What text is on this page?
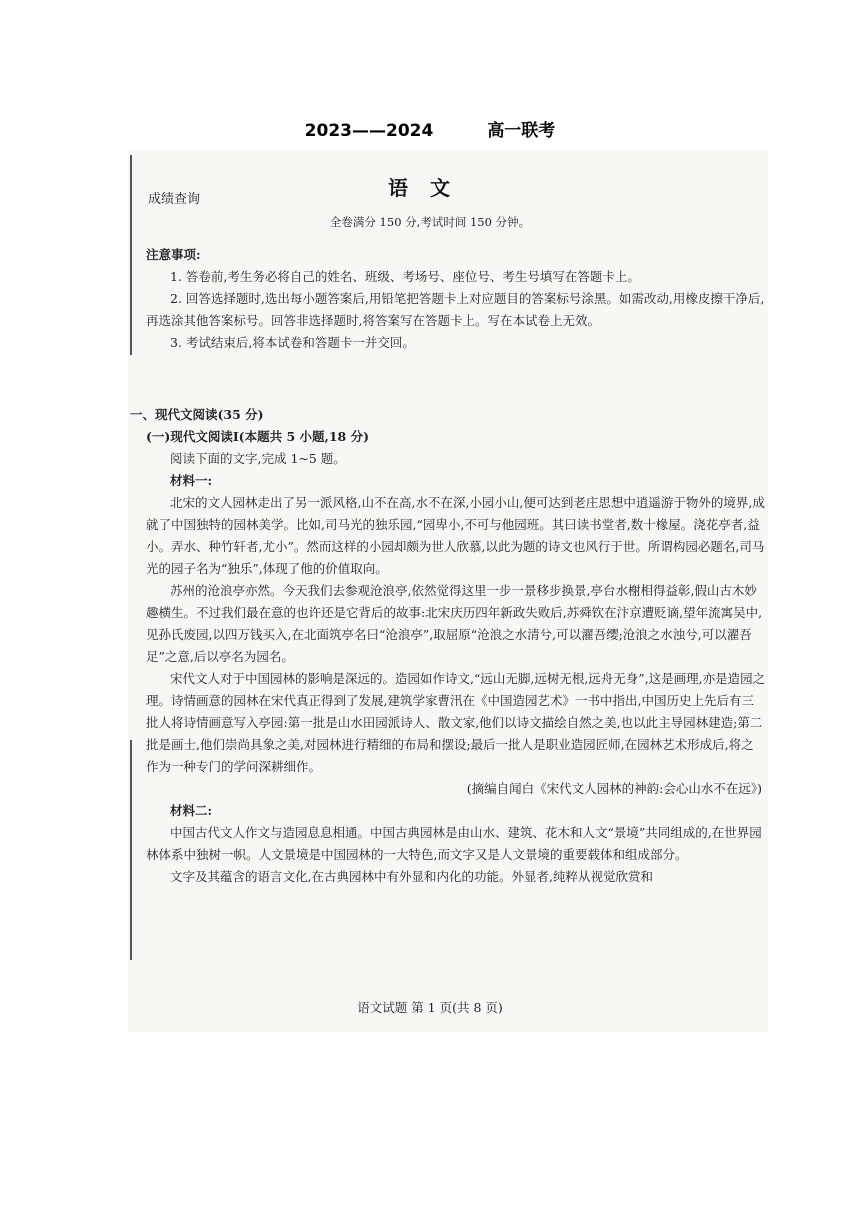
2023——2024	高一联考
语文
成绩查询
全卷满分 150 分,考试时间 150 分钟。

注意事项:

1. 答卷前,考生务必将自己的姓名、班级、考场号、座位号、考生号填写在答题卡上。

2. 回答选择题时,选出每小题答案后,用铅笔把答题卡上对应题目的答案标号涂黑。如需改动,用橡皮擦干净后,再选涂其他答案标号。回答非选择题时,将答案写在答题卡上。写在本试卷上无效。

3. 考试结束后,将本试卷和答题卡一并交回。

一、现代文阅读(35 分)

(一)现代文阅读Ⅰ(本题共 5 小题,18 分)

阅读下面的文字,完成 1~5 题。

材料一:

北宋的文人园林走出了另一派风格,山不在高,水不在深,小园小山,便可达到老庄思想中逍遥游于物外的境界,成就了中国独特的园林美学。比如,司马光的独乐园,“园卑小,不可与他园班。其曰读书堂者,数十椽屋。浇花亭者,益小。弄水、种竹轩者,尤小”。然而这样的小园却颇为世人欣慕,以此为题的诗文也风行于世。所谓构园必题名,司马光的园子名为“独乐”,体现了他的价值取向。

苏州的沧浪亭亦然。今天我们去参观沧浪亭,依然觉得这里一步一景移步换景,亭台水榭相得益彰,假山古木妙趣横生。不过我们最在意的也许还是它背后的故事:北宋庆历四年新政失败后,苏舜钦在汴京遭贬谪,望年流寓吴中,见孙氏废园,以四万钱买入,在北面筑亭名曰“沧浪亭”,取屈原“沧浪之水清兮,可以濯吾缨;沧浪之水浊兮,可以濯吾足”之意,后以亭名为园名。

宋代文人对于中国园林的影响是深远的。造园如作诗文,“远山无脚,远树无根,远舟无身”,这是画理,亦是造园之理。诗情画意的园林在宋代真正得到了发展,建筑学家曹汛在《中国造园艺术》一书中指出,中国历史上先后有三批人将诗情画意写入亭园:第一批是山水田园派诗人、散文家,他们以诗文描绘自然之美,也以此主导园林建造;第二批是画士,他们崇尚具象之美,对园林进行精细的布局和摆设;最后一批人是职业造园匠师,在园林艺术形成后,将之作为一种专门的学问深耕细作。

(摘编自闻白《宋代文人园林的神韵:会心山水不在远》)

材料二:

中国古代文人作文与造园息息相通。中国古典园林是由山水、建筑、花木和人文“景境”共同组成的,在世界园林体系中独树一帜。人文景境是中国园林的一大特色,而文字又是人文景境的重要载体和组成部分。

文字及其蕴含的语言文化,在古典园林中有外显和内化的功能。外显者,纯粹从视觉欣赏和

语文试题 第 1 页(共 8 页)
